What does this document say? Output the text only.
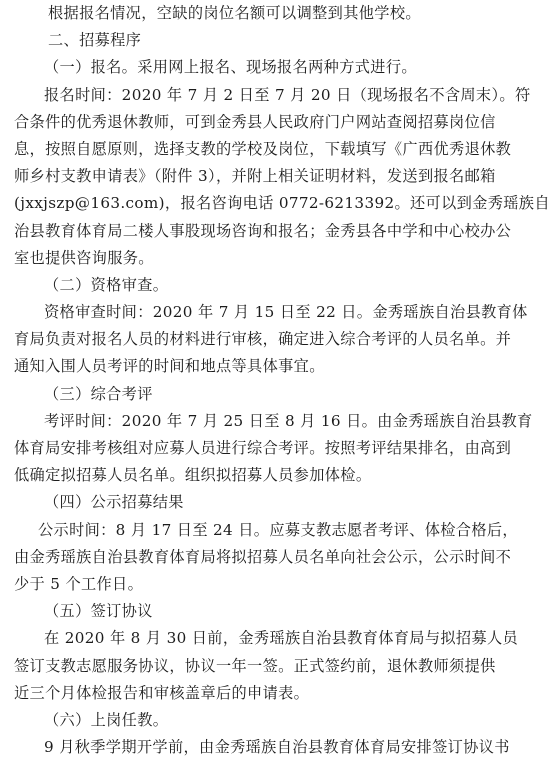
根据报名情况，空缺的岗位名额可以调整到其他学校。
二、招募程序
（一）报名。采用网上报名、现场报名两种方式进行。
报名时间：2020 年 7 月 2 日至 7 月 20 日（现场报名不含周末）。符
合条件的优秀退休教师，可到金秀县人民政府门户网站查阅招募岗位信
息，按照自愿原则，选择支教的学校及岗位，下载填写《广西优秀退休教
师乡村支教申请表》（附件 3），并附上相关证明材料，发送到报名邮箱
(jxxjszp@163.com)，报名咨询电话 0772-6213392。还可以到金秀瑶族自
治县教育体育局二楼人事股现场咨询和报名；金秀县各中学和中心校办公
室也提供咨询服务。
（二）资格审查。
资格审查时间：2020 年 7 月 15 日至 22 日。金秀瑶族自治县教育体
育局负责对报名人员的材料进行审核，确定进入综合考评的人员名单。并
通知入围人员考评的时间和地点等具体事宜。
（三）综合考评
考评时间：2020 年 7 月 25 日至 8 月 16 日。由金秀瑶族自治县教育
体育局安排考核组对应募人员进行综合考评。按照考评结果排名，由高到
低确定拟招募人员名单。组织拟招募人员参加体检。
（四）公示招募结果
公示时间：8 月 17 日至 24 日。应募支教志愿者考评、体检合格后，
由金秀瑶族自治县教育体育局将拟招募人员名单向社会公示，公示时间不
少于 5 个工作日。
（五）签订协议
在 2020 年 8 月 30 日前，金秀瑶族自治县教育体育局与拟招募人员
签订支教志愿服务协议，协议一年一签。正式签约前，退休教师须提供
近三个月体检报告和审核盖章后的申请表。
（六）上岗任教。
9 月秋季学期开学前，由金秀瑶族自治县教育体育局安排签订协议书
